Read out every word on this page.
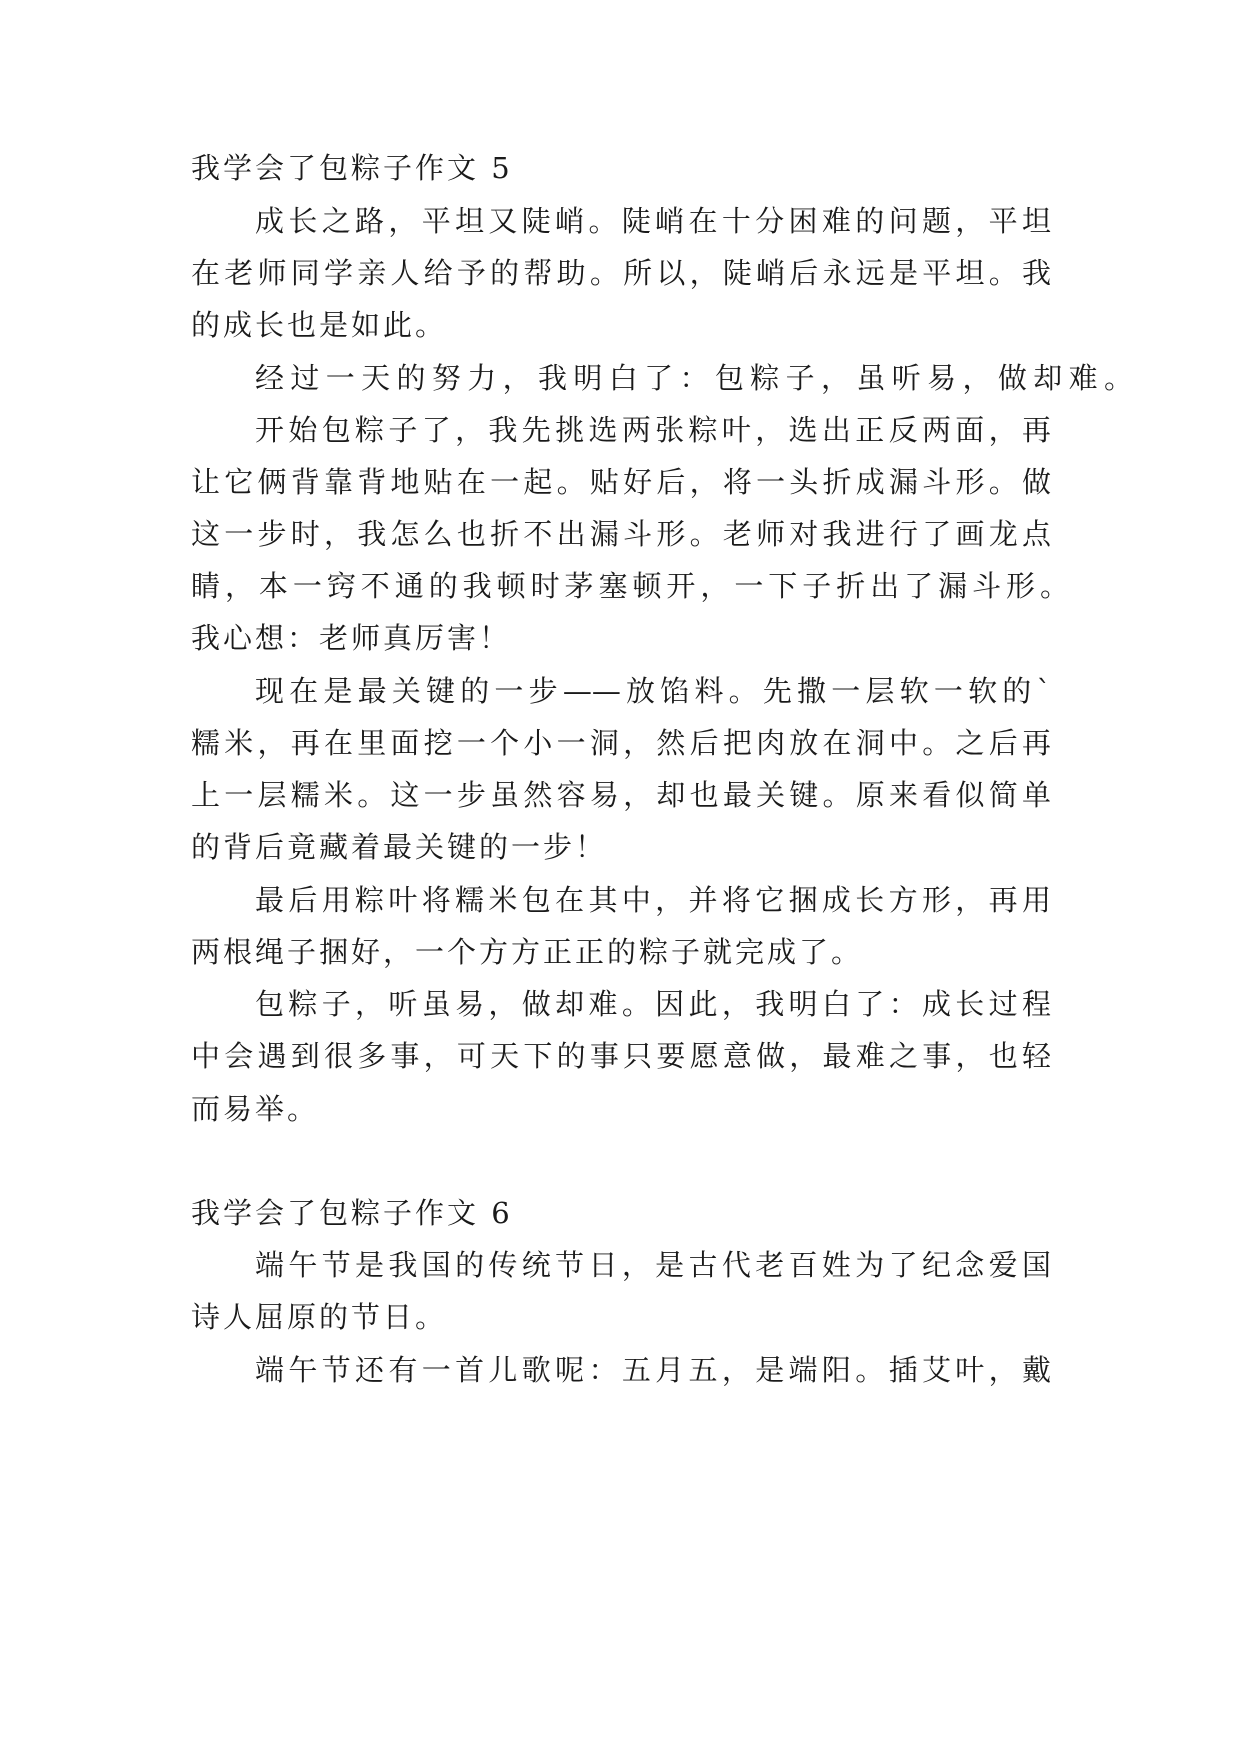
我学会了包粽子作文 5
成长之路，平坦又陡峭。陡峭在十分困难的问题，平坦
在老师同学亲人给予的帮助。所以，陡峭后永远是平坦。我
的成长也是如此。
经过一天的努力，我明白了：包粽子，虽听易，做却难。
开始包粽子了，我先挑选两张粽叶，选出正反两面，再
让它俩背靠背地贴在一起。贴好后，将一头折成漏斗形。做
这一步时，我怎么也折不出漏斗形。老师对我进行了画龙点
睛，本一窍不通的我顿时茅塞顿开，一下子折出了漏斗形。
我心想：老师真厉害！
现在是最关键的一步——放馅料。先撒一层软一软的`
糯米，再在里面挖一个小一洞，然后把肉放在洞中。之后再
上一层糯米。这一步虽然容易，却也最关键。原来看似简单
的背后竟藏着最关键的一步！
最后用粽叶将糯米包在其中，并将它捆成长方形，再用
两根绳子捆好，一个方方正正的粽子就完成了。
包粽子，听虽易，做却难。因此，我明白了：成长过程
中会遇到很多事，可天下的事只要愿意做，最难之事，也轻
而易举。
我学会了包粽子作文 6
端午节是我国的传统节日，是古代老百姓为了纪念爱国
诗人屈原的节日。
端午节还有一首儿歌呢：五月五，是端阳。插艾叶，戴
